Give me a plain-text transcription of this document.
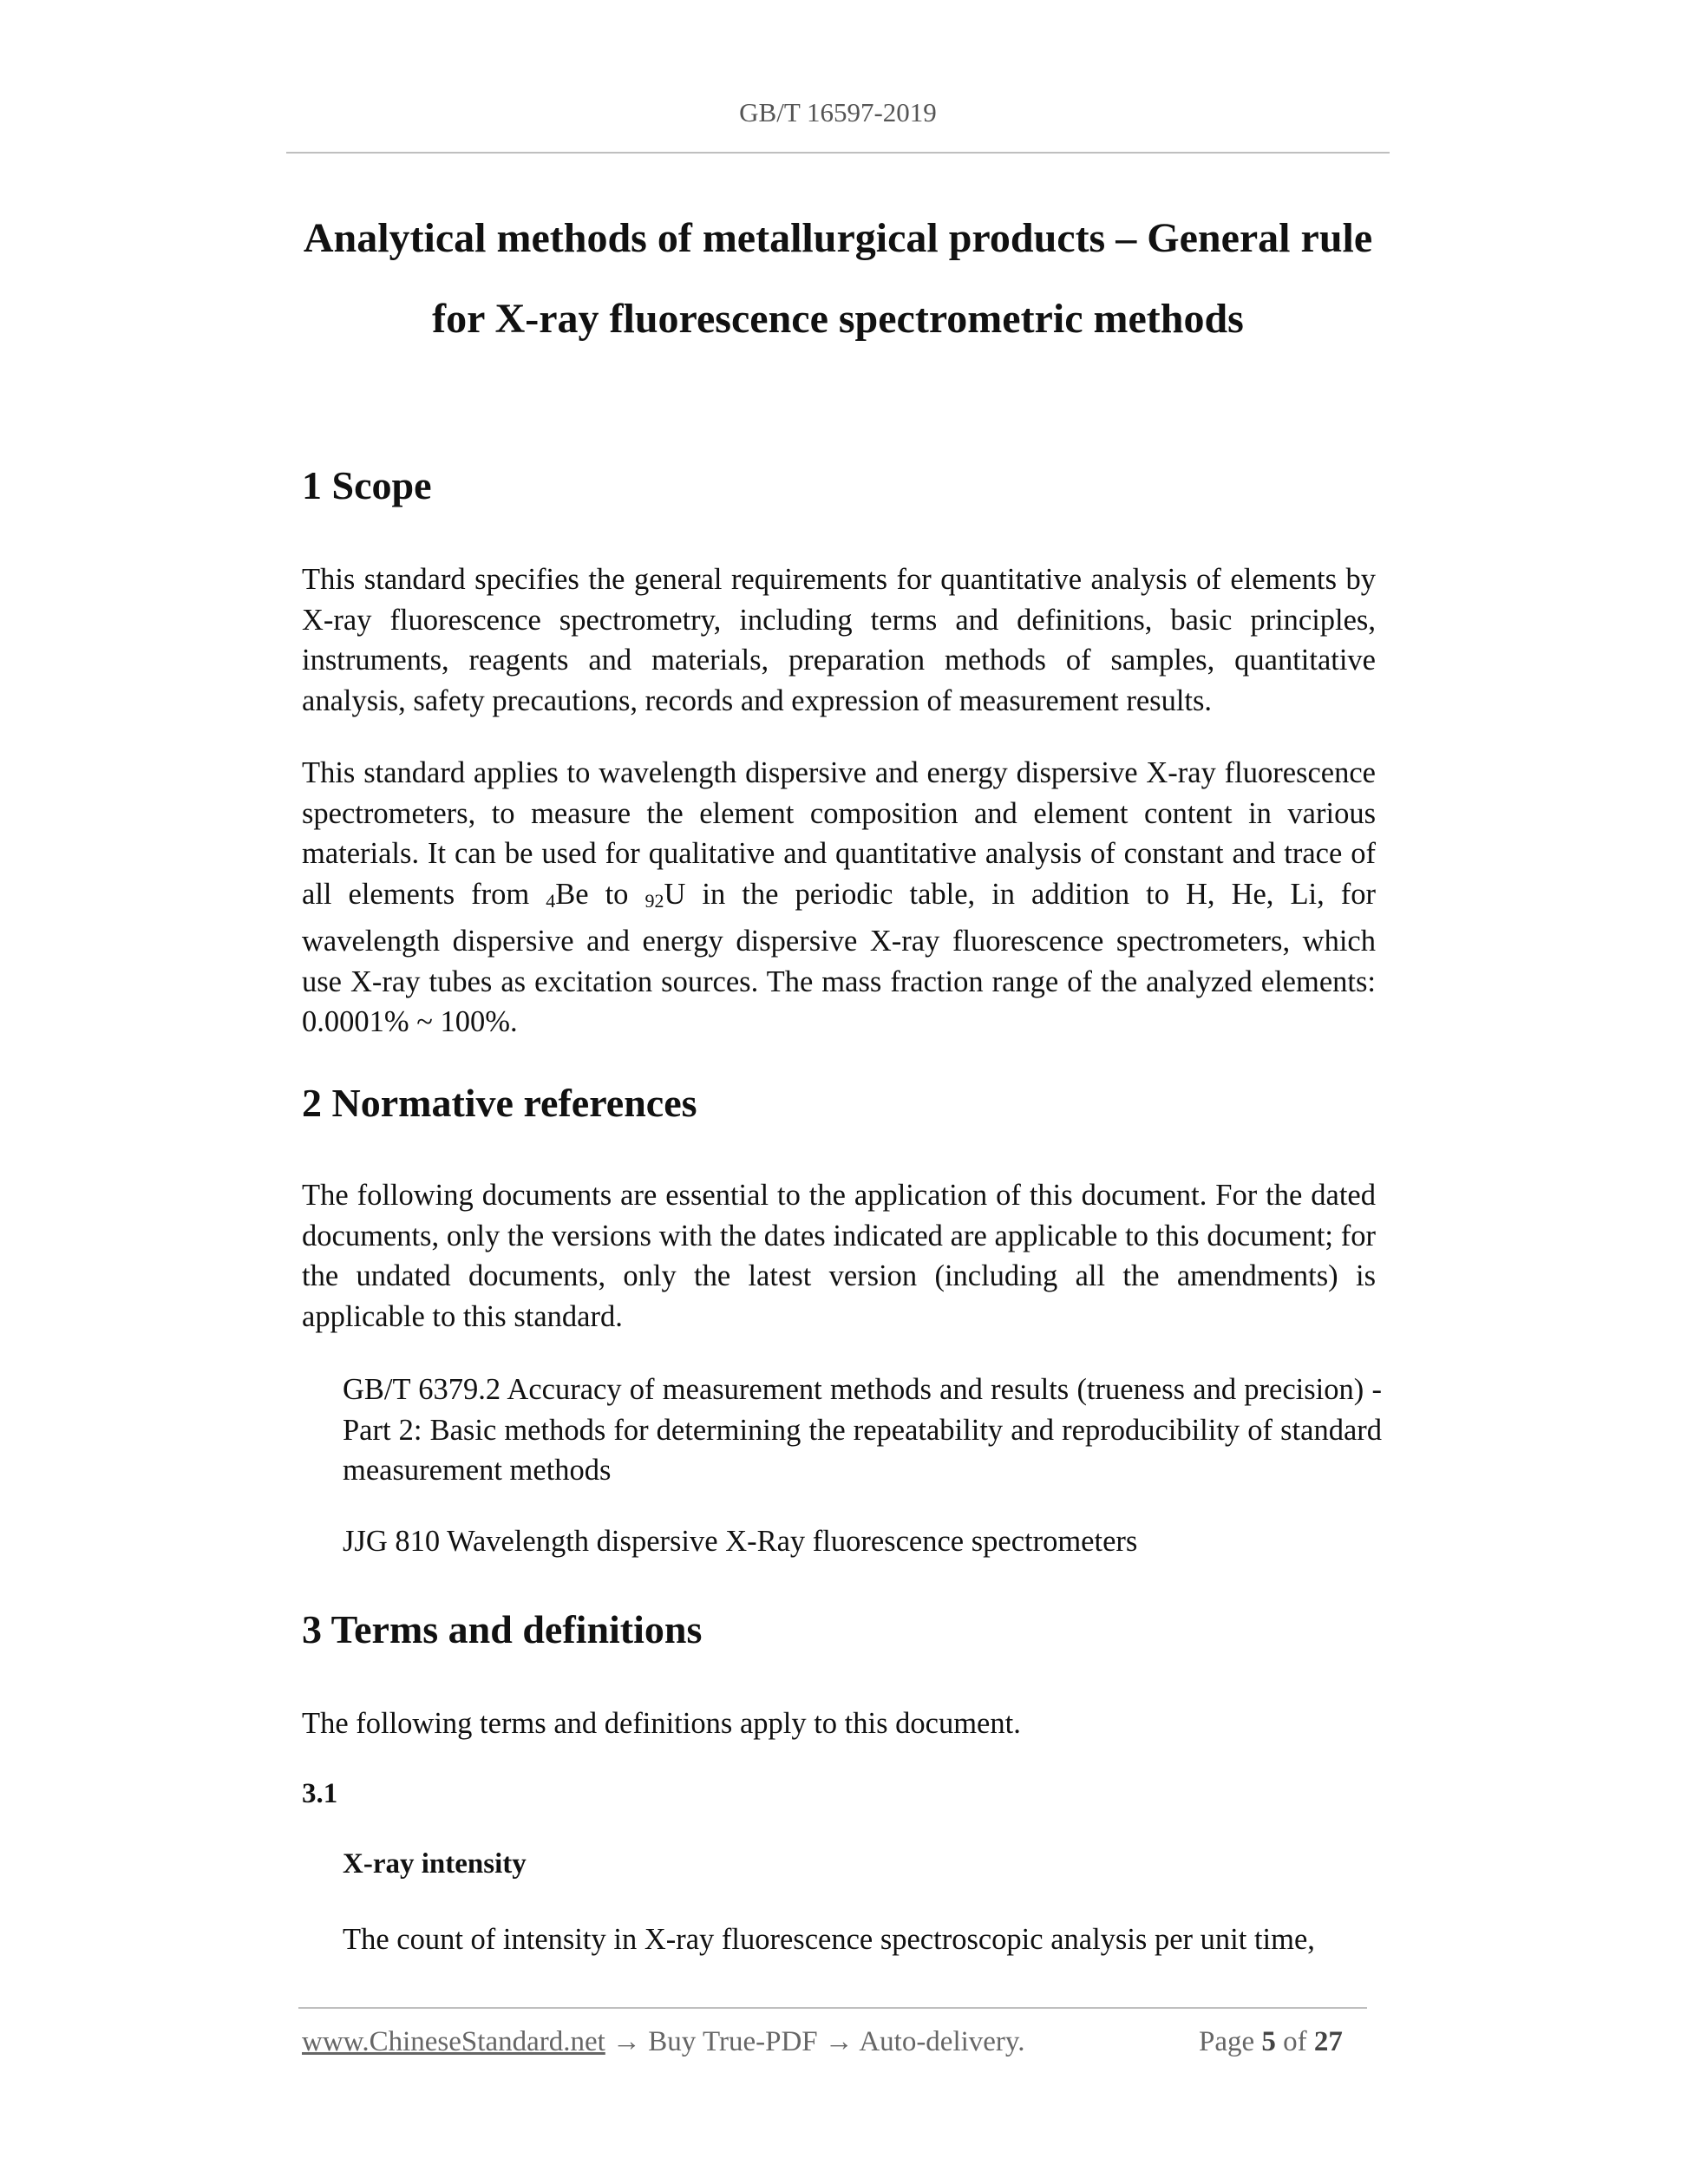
GB/T 16597-2019
Analytical methods of metallurgical products – General rule
for X-ray fluorescence spectrometric methods
1 Scope
This standard specifies the general requirements for quantitative analysis of elements by X-ray fluorescence spectrometry, including terms and definitions, basic principles, instruments, reagents and materials, preparation methods of samples, quantitative analysis, safety precautions, records and expression of measurement results.
This standard applies to wavelength dispersive and energy dispersive X-ray fluorescence spectrometers, to measure the element composition and element content in various materials. It can be used for qualitative and quantitative analysis of constant and trace of all elements from 4Be to 92U in the periodic table, in addition to H, He, Li, for wavelength dispersive and energy dispersive X-ray fluorescence spectrometers, which use X-ray tubes as excitation sources. The mass fraction range of the analyzed elements: 0.0001% ~ 100%.
2 Normative references
The following documents are essential to the application of this document. For the dated documents, only the versions with the dates indicated are applicable to this document; for the undated documents, only the latest version (including all the amendments) is applicable to this standard.
GB/T 6379.2 Accuracy of measurement methods and results (trueness and precision) - Part 2: Basic methods for determining the repeatability and reproducibility of standard measurement methods
JJG 810 Wavelength dispersive X-Ray fluorescence spectrometers
3 Terms and definitions
The following terms and definitions apply to this document.
3.1
X-ray intensity
The count of intensity in X-ray fluorescence spectroscopic analysis per unit time,
www.ChineseStandard.net → Buy True-PDF → Auto-delivery.	Page 5 of 27
